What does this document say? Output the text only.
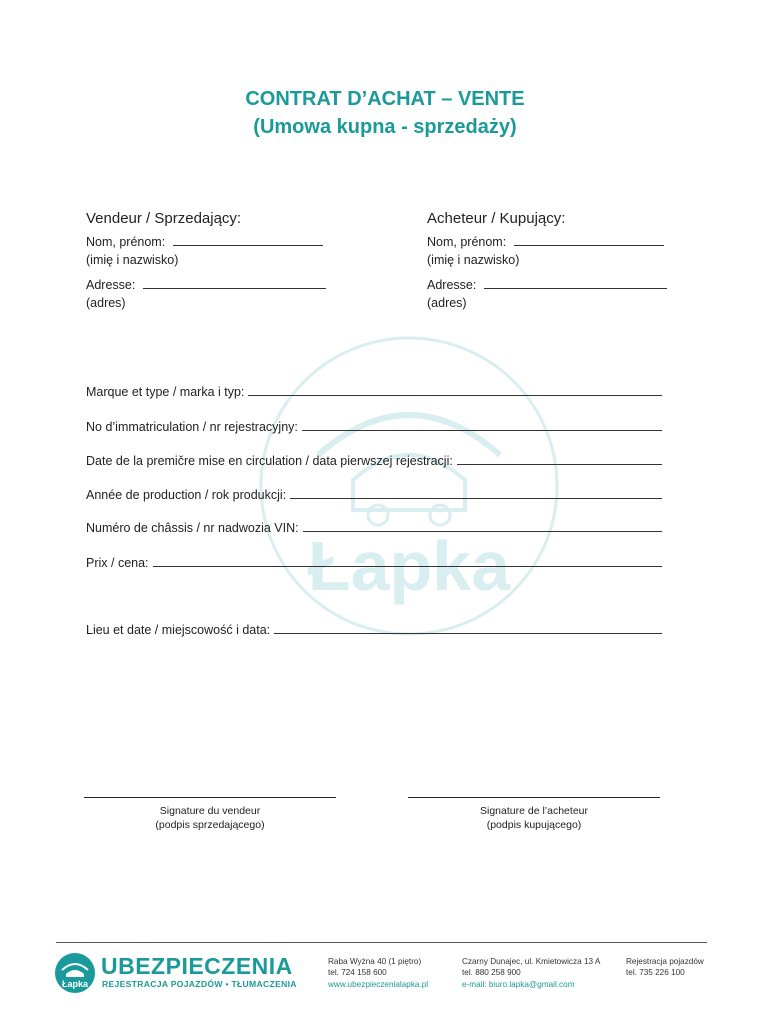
Łapka
CONTRAT D’ACHAT – VENTE
(Umowa kupna - sprzedaży)
Vendeur / Sprzedający:
Nom, prénom:
(imię i nazwisko)
Adresse:
(adres)
Acheteur / Kupujący:
Nom, prénom:
(imię i nazwisko)
Adresse:
(adres)
Marque et type / marka i typ:
No d’immatriculation / nr rejestracyjny:
Date de la premičre mise en circulation / data pierwszej rejestracji:
Année de production / rok produkcji:
Numéro de châssis / nr nadwozia VIN:
Prix / cena:
Lieu et date / miejscowość i data:
Signature du vendeur
(podpis sprzedającego)
Signature de l’acheteur
(podpis kupującego)
Łapka
UBEZPIECZENIA
REJESTRACJA POJAZDÓW • TŁUMACZENIA
Raba Wyżna 40 (1 piętro)
tel. 724 158 600
www.ubezpieczenialapka.pl
Czarny Dunajec, ul. Kmietowicza 13 A
tel. 880 258 900
e-mail: biuro.lapka@gmail.com
Rejestracja pojazdów
tel. 735 226 100
